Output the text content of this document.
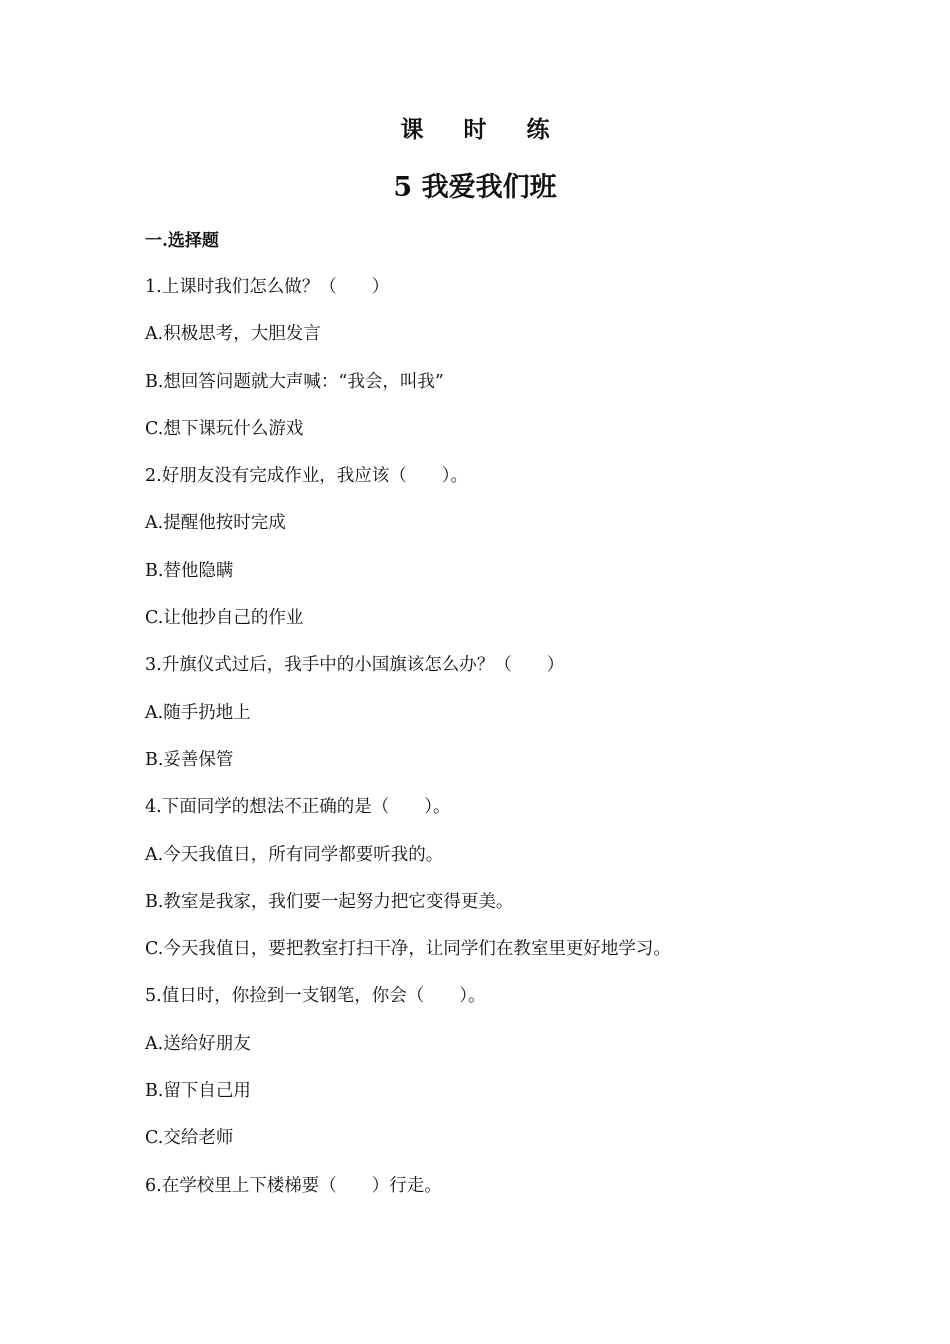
课 时 练
5 我爱我们班
一.选择题
1.上课时我们怎么做？（　　）
A.积极思考，大胆发言
B.想回答问题就大声喊：“我会，叫我”
C.想下课玩什么游戏
2.好朋友没有完成作业，我应该（　　）。
A.提醒他按时完成
B.替他隐瞒
C.让他抄自己的作业
3.升旗仪式过后，我手中的小国旗该怎么办？（　　）
A.随手扔地上
B.妥善保管
4.下面同学的想法不正确的是（　　）。
A.今天我值日，所有同学都要听我的。
B.教室是我家，我们要一起努力把它变得更美。
C.今天我值日，要把教室打扫干净，让同学们在教室里更好地学习。
5.值日时，你捡到一支钢笔，你会（　　）。
A.送给好朋友
B.留下自己用
C.交给老师
6.在学校里上下楼梯要（　　）行走。
